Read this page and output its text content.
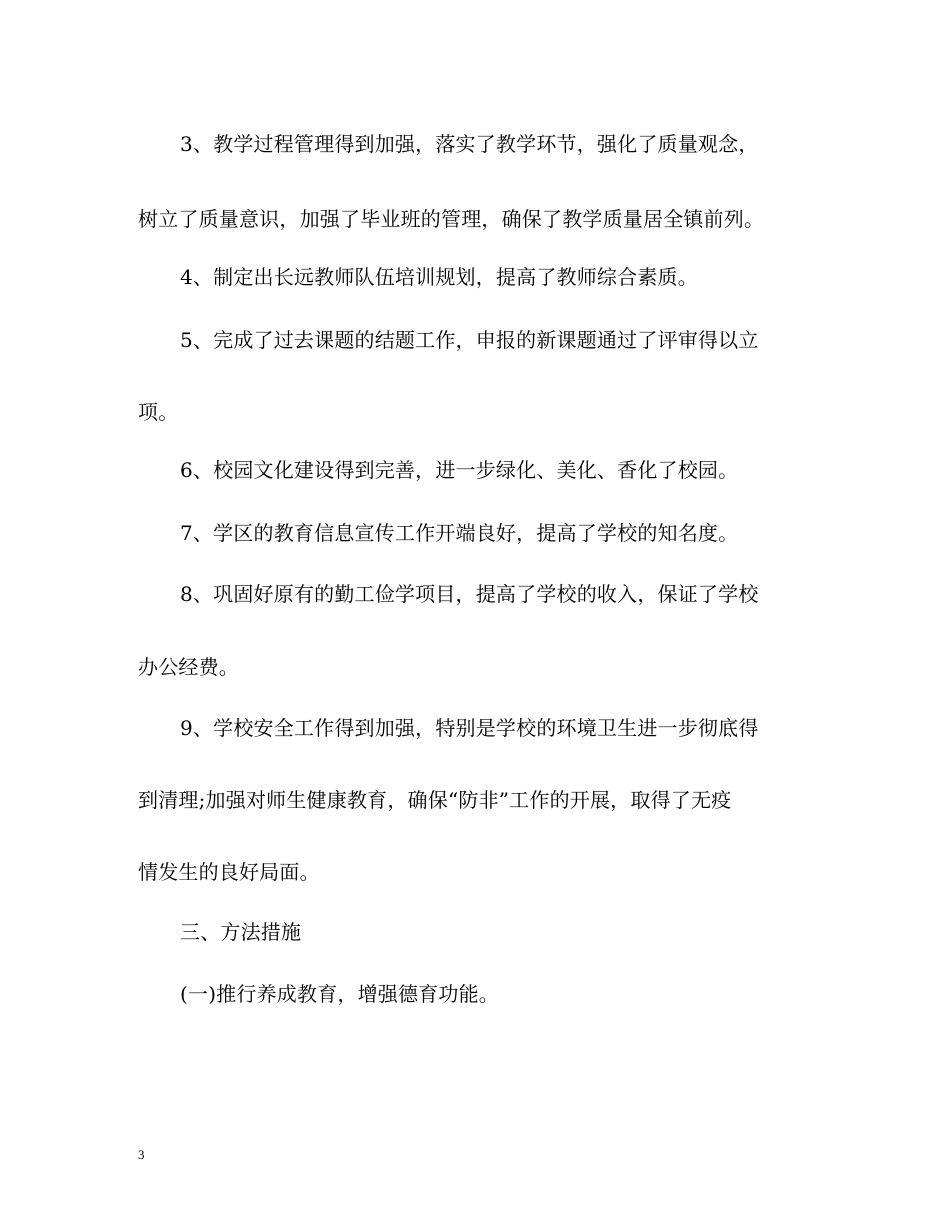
3、教学过程管理得到加强，落实了教学环节，强化了质量观念，
树立了质量意识，加强了毕业班的管理，确保了教学质量居全镇前列。
4、制定出长远教师队伍培训规划，提高了教师综合素质。
5、完成了过去课题的结题工作，申报的新课题通过了评审得以立
项。
6、校园文化建设得到完善，进一步绿化、美化、香化了校园。
7、学区的教育信息宣传工作开端良好，提高了学校的知名度。
8、巩固好原有的勤工俭学项目，提高了学校的收入，保证了学校
办公经费。
9、学校安全工作得到加强，特别是学校的环境卫生进一步彻底得
到清理;加强对师生健康教育，确保“防非”工作的开展，取得了无疫
情发生的良好局面。
三、方法措施
(一)推行养成教育，增强德育功能。
3
